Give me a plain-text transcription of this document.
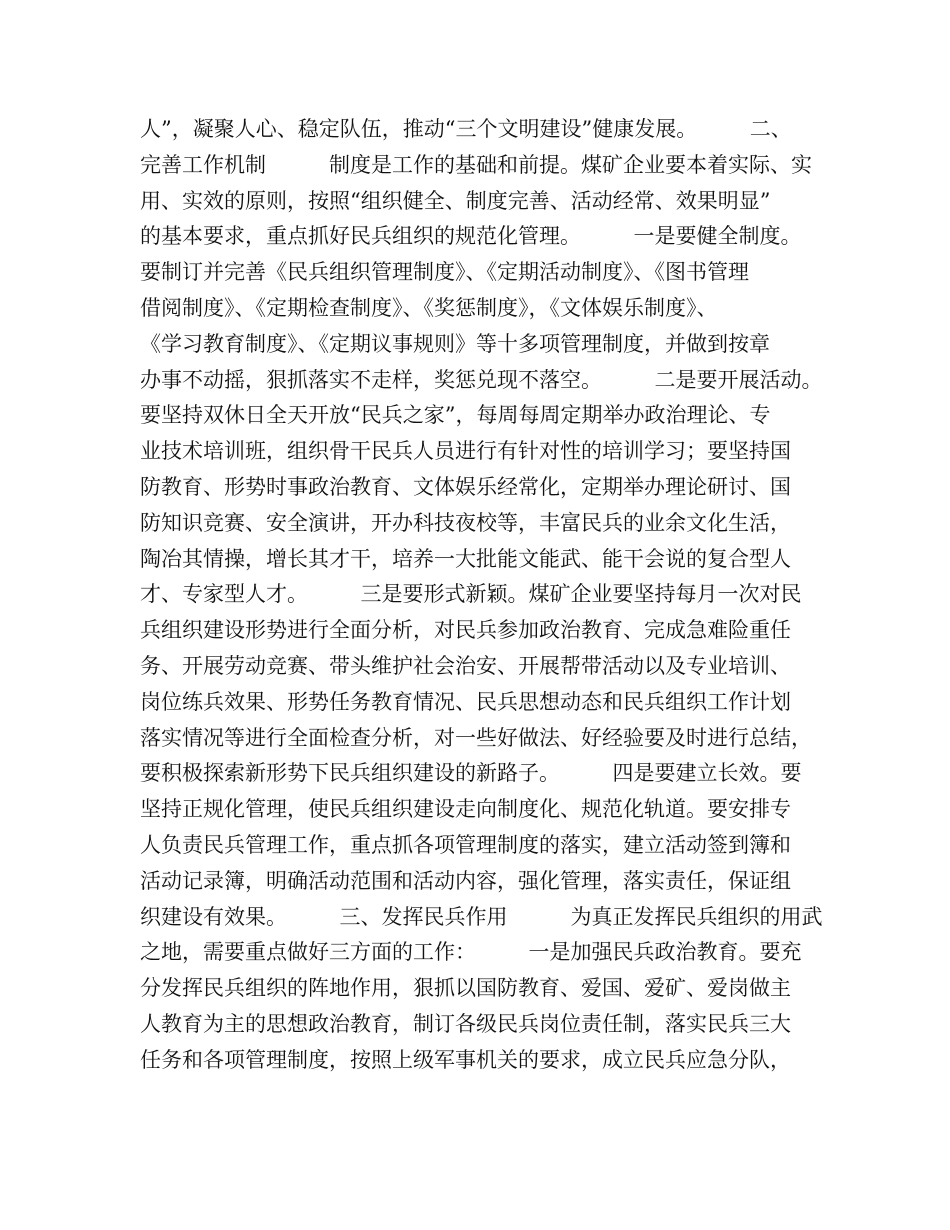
人”，凝聚人心、稳定队伍，推动“三个文明建设”健康发展。　　　二、
完善工作机制　　　制度是工作的基础和前提。煤矿企业要本着实际、实
用、实效的原则，按照“组织健全、制度完善、活动经常、效果明显”
的基本要求，重点抓好民兵组织的规范化管理。　　　一是要健全制度。
要制订并完善《民兵组织管理制度》、《定期活动制度》、《图书管理
借阅制度》、《定期检查制度》、《奖惩制度》，《文体娱乐制度》、
《学习教育制度》、《定期议事规则》等十多项管理制度，并做到按章
办事不动摇，狠抓落实不走样，奖惩兑现不落空。　　　二是要开展活动。
要坚持双休日全天开放“民兵之家”，每周每周定期举办政治理论、专
业技术培训班，组织骨干民兵人员进行有针对性的培训学习；要坚持国
防教育、形势时事政治教育、文体娱乐经常化，定期举办理论研讨、国
防知识竞赛、安全演讲，开办科技夜校等，丰富民兵的业余文化生活，
陶冶其情操，增长其才干，培养一大批能文能武、能干会说的复合型人
才、专家型人才。　　　三是要形式新颖。煤矿企业要坚持每月一次对民
兵组织建设形势进行全面分析，对民兵参加政治教育、完成急难险重任
务、开展劳动竞赛、带头维护社会治安、开展帮带活动以及专业培训、
岗位练兵效果、形势任务教育情况、民兵思想动态和民兵组织工作计划
落实情况等进行全面检查分析，对一些好做法、好经验要及时进行总结，
要积极探索新形势下民兵组织建设的新路子。　　　四是要建立长效。要
坚持正规化管理，使民兵组织建设走向制度化、规范化轨道。要安排专
人负责民兵管理工作，重点抓各项管理制度的落实，建立活动签到簿和
活动记录簿，明确活动范围和活动内容，强化管理，落实责任，保证组
织建设有效果。　　　三、发挥民兵作用　　　为真正发挥民兵组织的用武
之地，需要重点做好三方面的工作：　　　一是加强民兵政治教育。要充
分发挥民兵组织的阵地作用，狠抓以国防教育、爱国、爱矿、爱岗做主
人教育为主的思想政治教育，制订各级民兵岗位责任制，落实民兵三大
任务和各项管理制度，按照上级军事机关的要求，成立民兵应急分队，
